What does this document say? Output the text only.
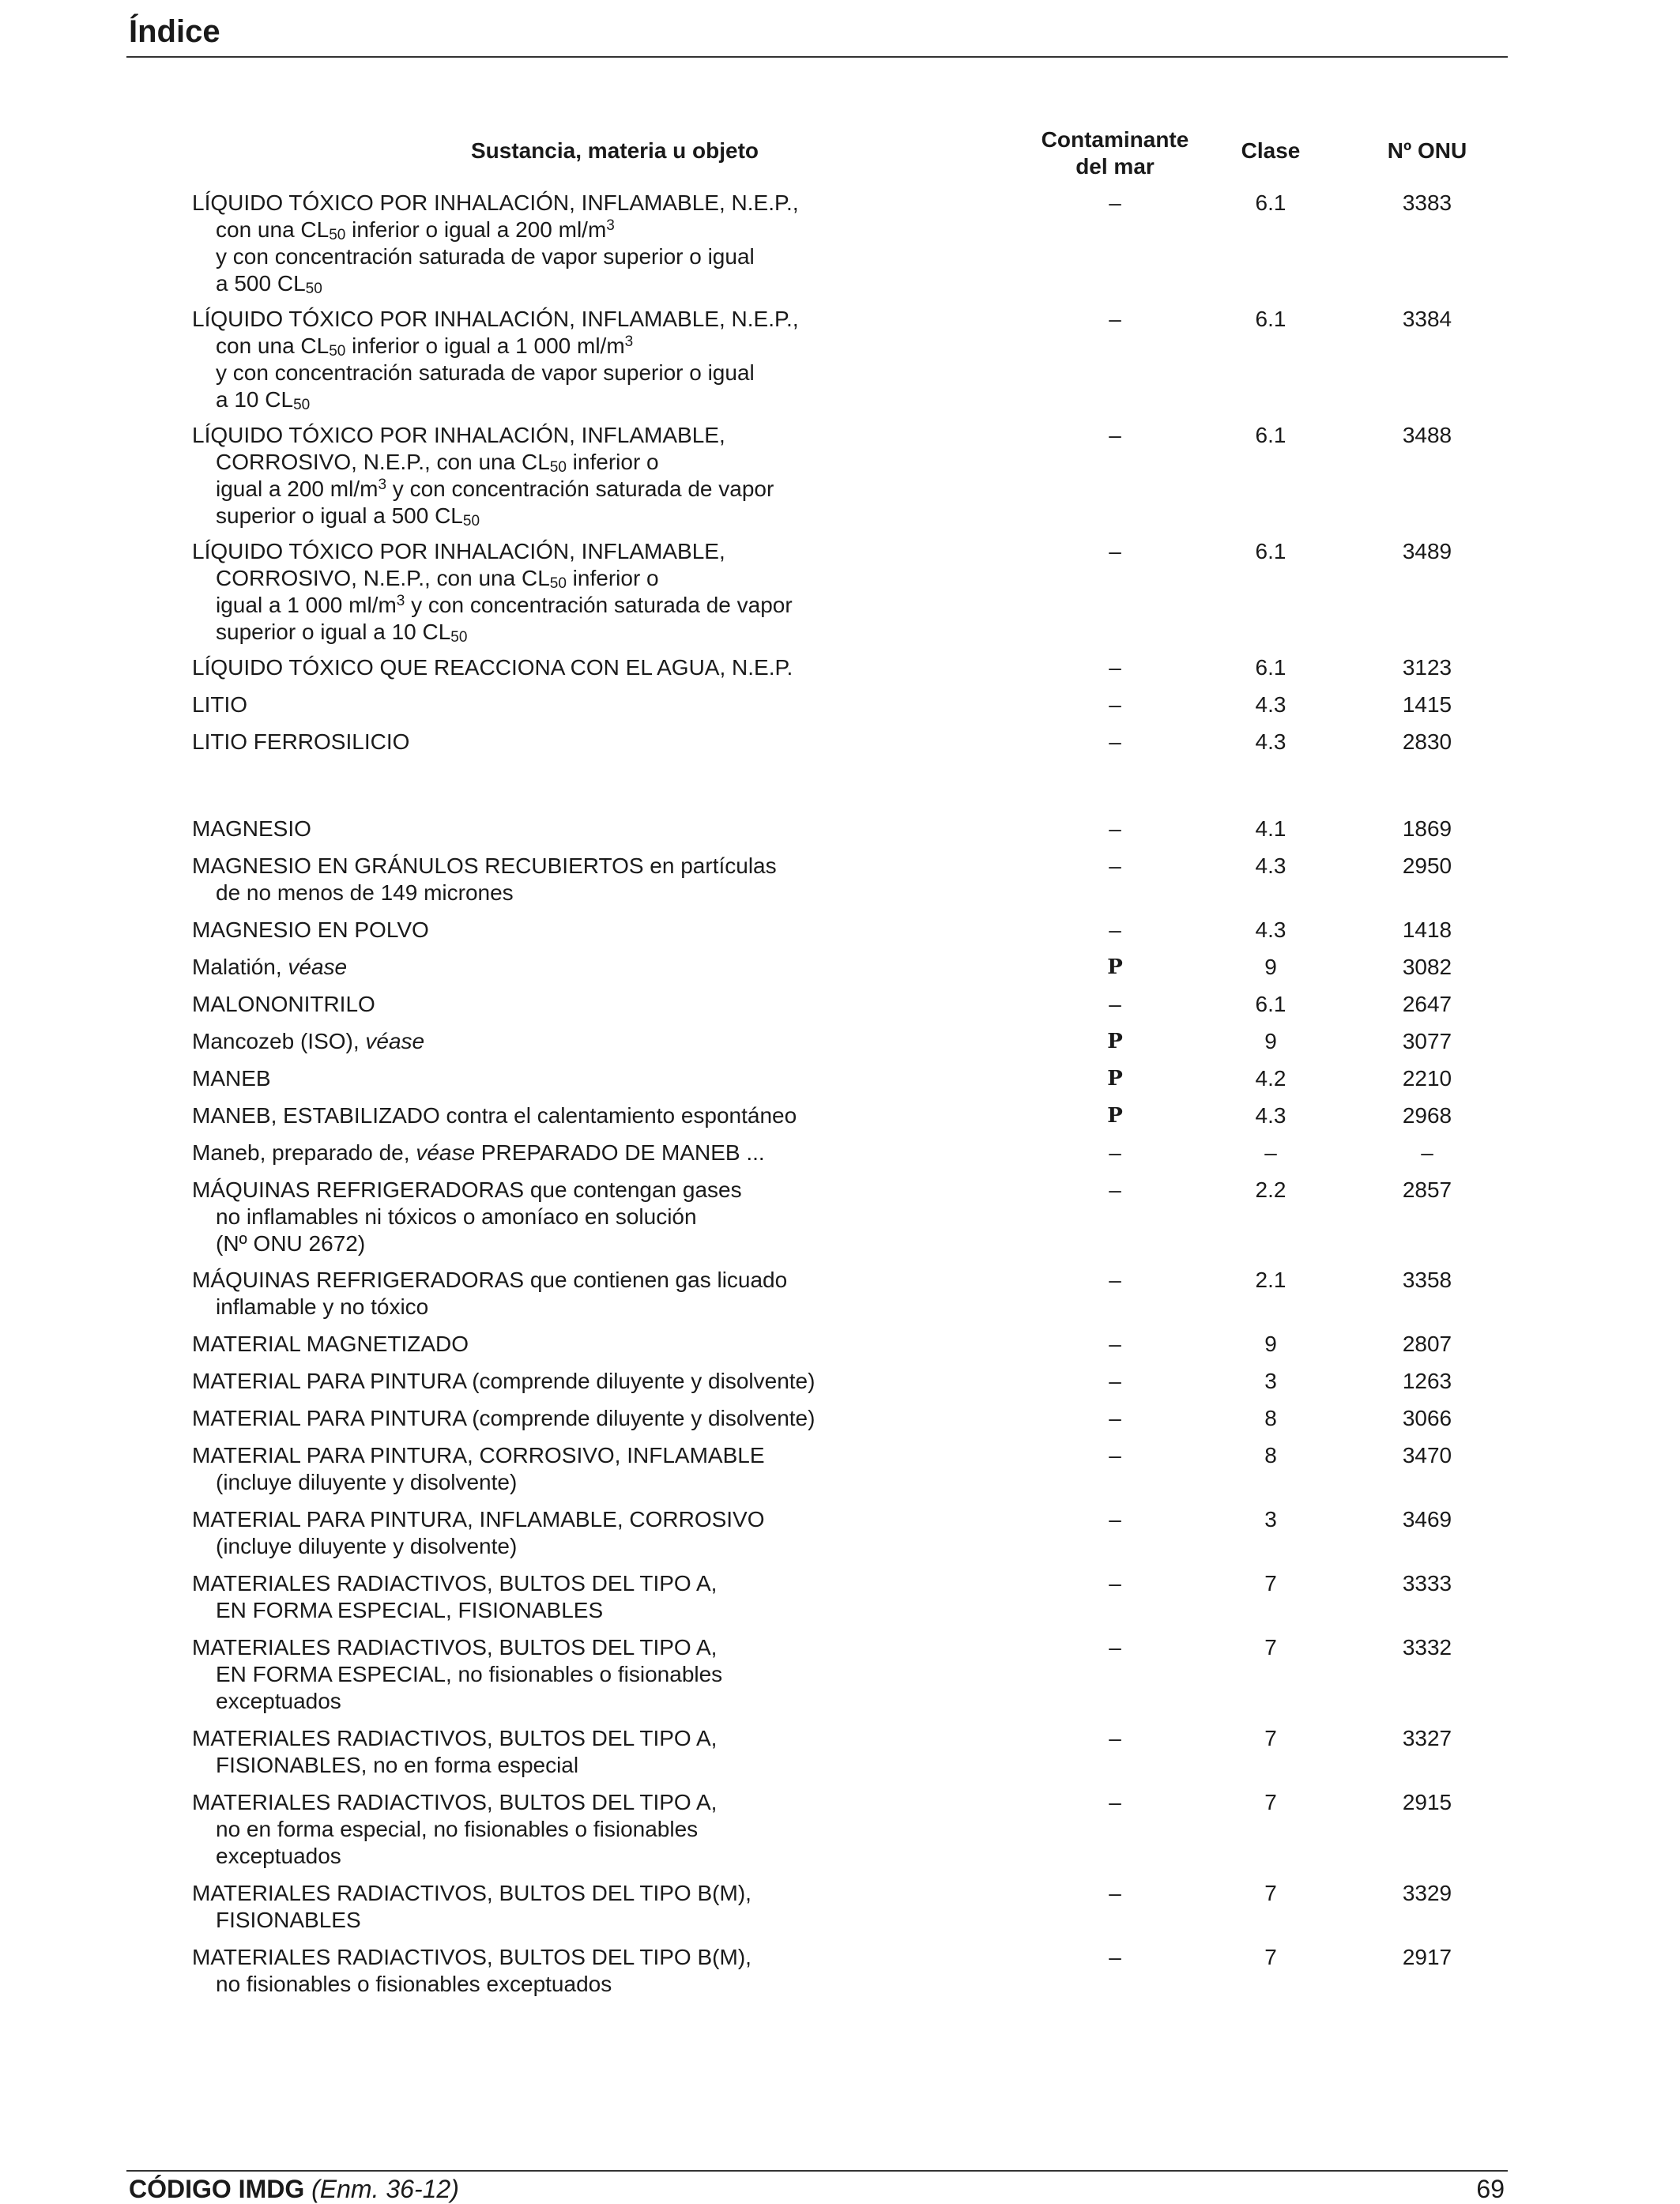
Índice
Sustancia, materia u objeto	Contaminante
del mar
Clase	Nº ONU
LÍQUIDO TÓXICO POR INHALACIÓN, INFLAMABLE, N.E.P.,
con una $CL_{50}$ inferior o igual a 200 $ml/m^3$
y con concentración saturada de vapor superior o igual
a 500 $CL_{50}$
–	6.1	3383
LÍQUIDO TÓXICO POR INHALACIÓN, INFLAMABLE, N.E.P.,
con una $CL_{50}$ inferior o igual a 1 000 $ml/m^3$
y con concentración saturada de vapor superior o igual
a 10 $CL_{50}$
–	6.1	3384
LÍQUIDO TÓXICO POR INHALACIÓN, INFLAMABLE,
CORROSIVO, N.E.P., con una $CL_{50}$ inferior o
igual a 200 $ml/m^3$ y con concentración saturada de vapor
superior o igual a 500 $CL_{50}$
–	6.1	3488
LÍQUIDO TÓXICO POR INHALACIÓN, INFLAMABLE,
CORROSIVO, N.E.P., con una $CL_{50}$ inferior o
igual a 1 000 $ml/m^3$ y con concentración saturada de vapor
superior o igual a 10 $CL_{50}$
–	6.1	3489
LÍQUIDO TÓXICO QUE REACCIONA CON EL AGUA, N.E.P.	–	6.1	3123
LITIO	–	4.3	1415
LITIO FERROSILICIO	–	4.3	2830
MAGNESIO	–	4.1	1869
MAGNESIO EN GRÁNULOS RECUBIERTOS en partículas
de no menos de 149 micrones
–	4.3	2950
MAGNESIO EN POLVO	–	4.3	1418
Malatión, véase	P	9	3082
MALONONITRILO	–	6.1	2647
Mancozeb (ISO), véase	P	9	3077
MANEB	P	4.2	2210
MANEB, ESTABILIZADO contra el calentamiento espontáneo	P	4.3	2968
Maneb, preparado de, véase PREPARADO DE MANEB ...	–	–	–
MÁQUINAS REFRIGERADORAS que contengan gases
no inflamables ni tóxicos o amoníaco en solución
(Nº ONU 2672)
–	2.2	2857
MÁQUINAS REFRIGERADORAS que contienen gas licuado
inflamable y no tóxico
–	2.1	3358
MATERIAL MAGNETIZADO	–	9	2807
MATERIAL PARA PINTURA (comprende diluyente y disolvente)	–	3	1263
MATERIAL PARA PINTURA (comprende diluyente y disolvente)	–	8	3066
MATERIAL PARA PINTURA, CORROSIVO, INFLAMABLE
(incluye diluyente y disolvente)
–	8	3470
MATERIAL PARA PINTURA, INFLAMABLE, CORROSIVO
(incluye diluyente y disolvente)
–	3	3469
MATERIALES RADIACTIVOS, BULTOS DEL TIPO A,
EN FORMA ESPECIAL, FISIONABLES
–	7	3333
MATERIALES RADIACTIVOS, BULTOS DEL TIPO A,
EN FORMA ESPECIAL, no fisionables o fisionables
exceptuados
–	7	3332
MATERIALES RADIACTIVOS, BULTOS DEL TIPO A,
FISIONABLES, no en forma especial
–	7	3327
MATERIALES RADIACTIVOS, BULTOS DEL TIPO A,
no en forma especial, no fisionables o fisionables
exceptuados
–	7	2915
MATERIALES RADIACTIVOS, BULTOS DEL TIPO B(M),
FISIONABLES
–	7	3329
MATERIALES RADIACTIVOS, BULTOS DEL TIPO B(M),
no fisionables o fisionables exceptuados
–	7	2917
CÓDIGO IMDG (Enm. 36-12)	69
